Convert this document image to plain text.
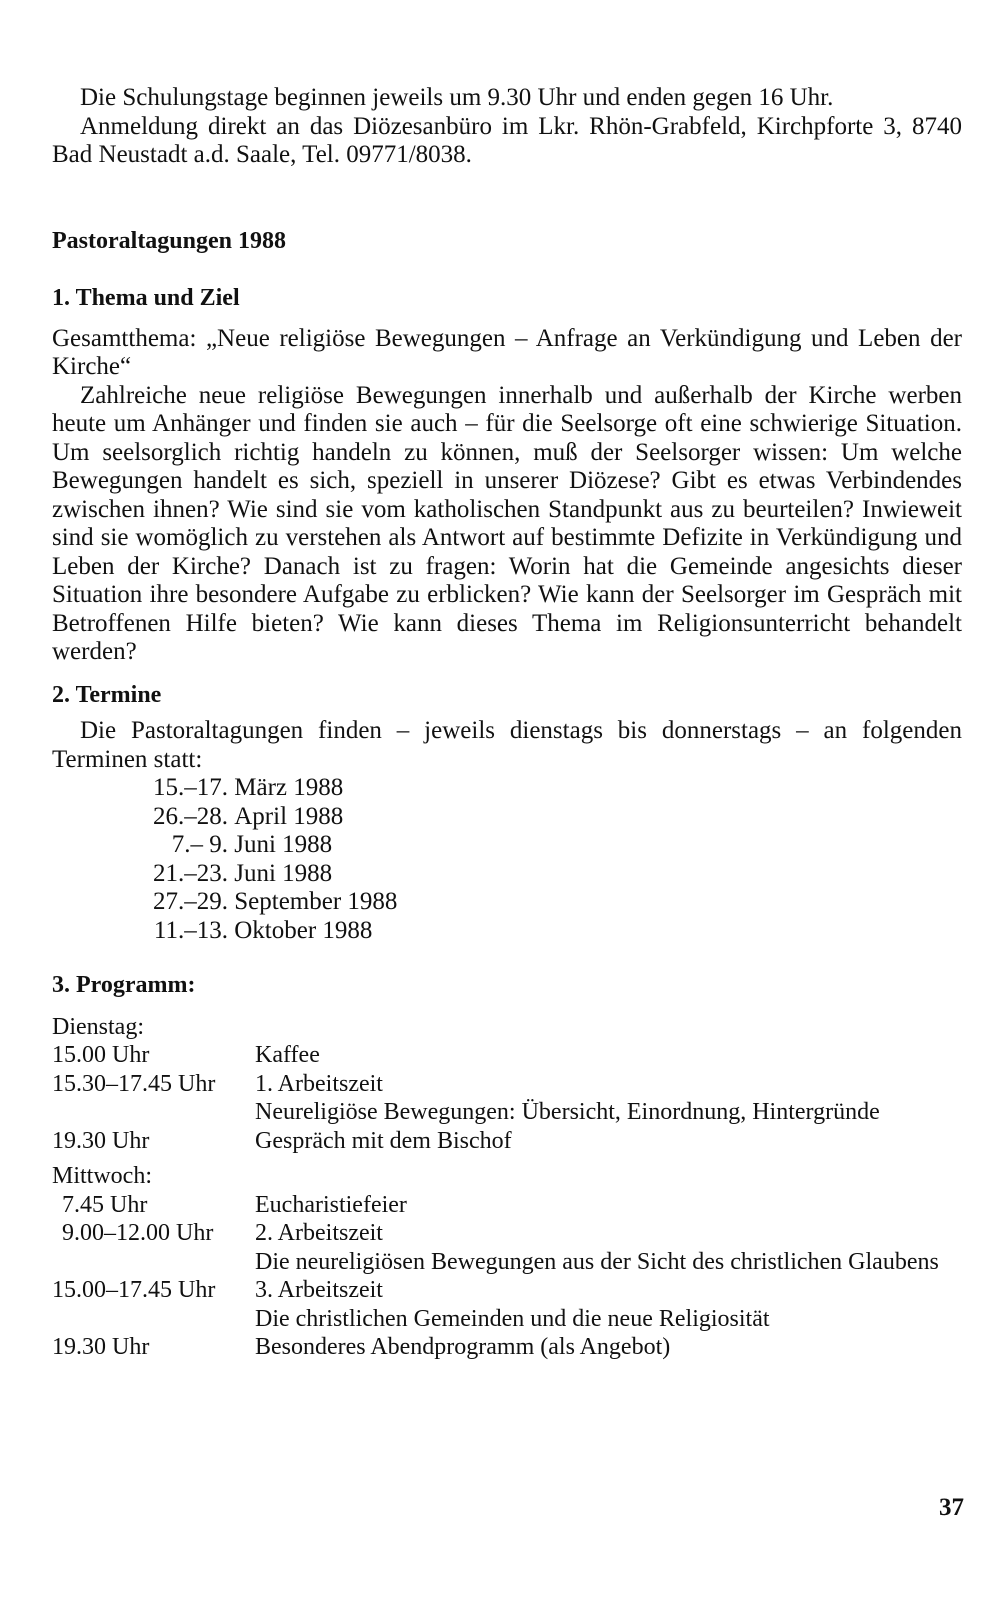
Die Schulungstage beginnen jeweils um 9.30 Uhr und enden gegen 16 Uhr.

Anmeldung direkt an das Diözesanbüro im Lkr. Rhön-Grabfeld, Kirchpforte 3, 8740 Bad Neustadt a.d. Saale, Tel. 09771/8038.

Pastoraltagungen 1988

1. Thema und Ziel

Gesamtthema: „Neue religiöse Bewegungen – Anfrage an Verkündigung und Leben der Kirche“

Zahlreiche neue religiöse Bewegungen innerhalb und außerhalb der Kirche werben heute um Anhänger und finden sie auch – für die Seelsorge oft eine schwierige Situation. Um seelsorglich richtig handeln zu können, muß der Seelsorger wissen: Um welche Bewegungen handelt es sich, speziell in unserer Diözese? Gibt es etwas Verbindendes zwischen ihnen? Wie sind sie vom katholischen Standpunkt aus zu beurteilen? Inwieweit sind sie womöglich zu verstehen als Antwort auf bestimmte Defizite in Verkündigung und Leben der Kirche? Danach ist zu fragen: Worin hat die Gemeinde angesichts dieser Situation ihre besondere Aufgabe zu erblicken? Wie kann der Seelsorger im Gespräch mit Betroffenen Hilfe bieten? Wie kann dieses Thema im Religionsunterricht behandelt werden?

2. Termine

Die Pastoraltagungen finden – jeweils dienstags bis donnerstags – an folgenden Terminen statt:

15.–17.
März 1988
26.–28.
April 1988
7.– 9.
Juni 1988
21.–23.
Juni 1988
27.–29.
September 1988
11.–13.
Oktober 1988

3. Programm:

Dienstag:

15.00 Uhr	Kaffee
15.30–17.45 Uhr	1. Arbeitszeit
Neureligiöse Bewegungen: Übersicht, Einordnung, Hintergründe
19.30 Uhr	Gespräch mit dem Bischof

Mittwoch:

7.45 Uhr	Eucharistiefeier
9.00–12.00 Uhr	2. Arbeitszeit
Die neureligiösen Bewegungen aus der Sicht des christlichen Glaubens
15.00–17.45 Uhr	3. Arbeitszeit
Die christlichen Gemeinden und die neue Religiosität
19.30 Uhr	Besonderes Abendprogramm (als Angebot)
37
